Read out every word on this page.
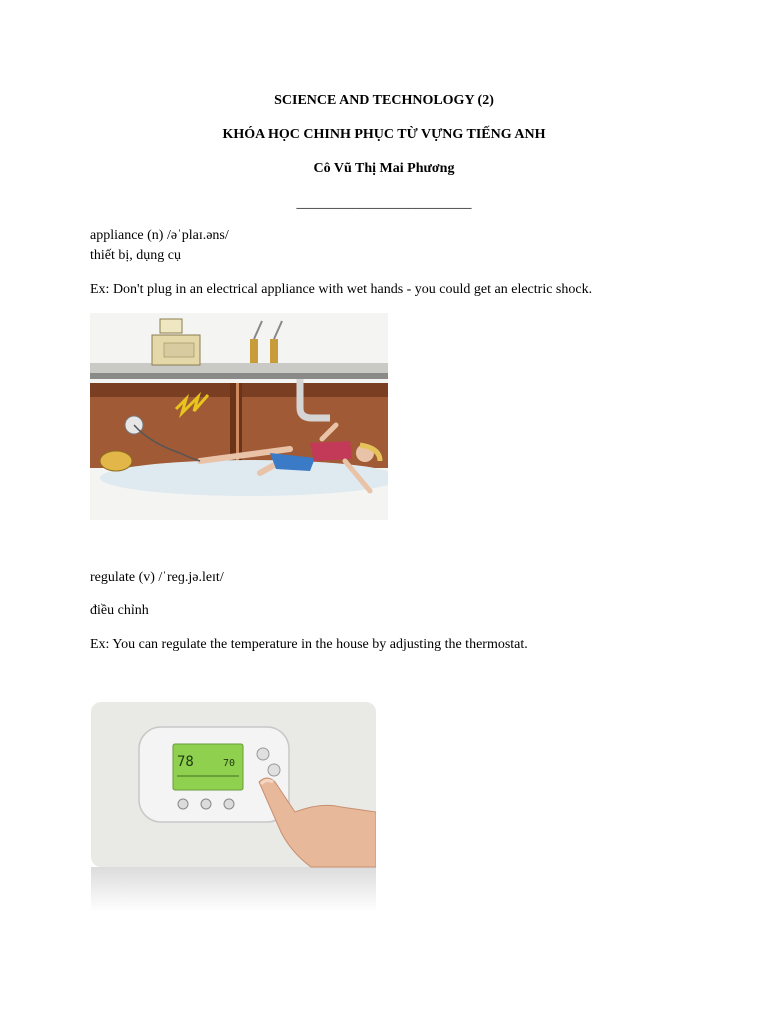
SCIENCE AND TECHNOLOGY (2)
KHÓA HỌC CHINH PHỤC TỪ VỰNG TIẾNG ANH
Cô Vũ Thị Mai Phương
_________________________
appliance (n) /əˈplaɪ.əns/
thiết bị, dụng cụ
Ex: Don't plug in an electrical appliance with wet hands - you could get an electric shock.
regulate (v) /ˈreɡ.jə.leɪt/
điều chỉnh
Ex: You can regulate the temperature in the house by adjusting the thermostat.
78	70
